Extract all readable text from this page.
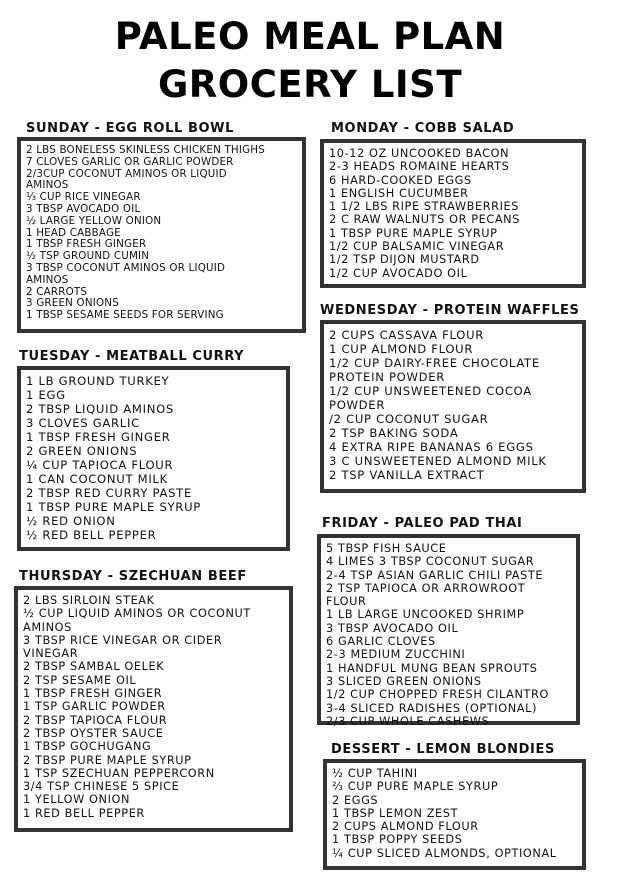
PALEO MEAL PLAN
GROCERY LIST
SUNDAY - EGG ROLL BOWL
2 LBS BONELESS SKINLESS CHICKEN THIGHS
7 CLOVES GARLIC OR GARLIC POWDER
2/3CUP COCONUT AMINOS OR LIQUID
AMINOS
⅓ CUP RICE VINEGAR
3 TBSP AVOCADO OIL
½ LARGE YELLOW ONION
1 HEAD CABBAGE
1 TBSP FRESH GINGER
½ TSP GROUND CUMIN
3 TBSP COCONUT AMINOS OR LIQUID
AMINOS
2 CARROTS
3 GREEN ONIONS
1 TBSP SESAME SEEDS FOR SERVING
MONDAY - COBB SALAD
10-12 OZ UNCOOKED BACON
2-3 HEADS ROMAINE HEARTS
6 HARD-COOKED EGGS
1 ENGLISH CUCUMBER
1 1/2 LBS RIPE STRAWBERRIES
2 C RAW WALNUTS OR PECANS
1 TBSP PURE MAPLE SYRUP
1/2 CUP BALSAMIC VINEGAR
1/2 TSP DIJON MUSTARD
1/2 CUP AVOCADO OIL
WEDNESDAY - PROTEIN WAFFLES
2 CUPS CASSAVA FLOUR
1 CUP ALMOND FLOUR
1/2 CUP DAIRY-FREE CHOCOLATE
PROTEIN POWDER
1/2 CUP UNSWEETENED COCOA
POWDER
/2 CUP COCONUT SUGAR
2 TSP BAKING SODA
4 EXTRA RIPE BANANAS 6 EGGS
3 C UNSWEETENED ALMOND MILK
2 TSP VANILLA EXTRACT
TUESDAY - MEATBALL CURRY
1 LB GROUND TURKEY
1 EGG
2 TBSP LIQUID AMINOS
3 CLOVES GARLIC
1 TBSP FRESH GINGER
2 GREEN ONIONS
¼ CUP TAPIOCA FLOUR
1 CAN COCONUT MILK
2 TBSP RED CURRY PASTE
1 TBSP PURE MAPLE SYRUP
½ RED ONION
½ RED BELL PEPPER
FRIDAY - PALEO PAD THAI
5 TBSP FISH SAUCE
4 LIMES 3 TBSP COCONUT SUGAR
2-4 TSP ASIAN GARLIC CHILI PASTE
2 TSP TAPIOCA OR ARROWROOT
FLOUR
1 LB LARGE UNCOOKED SHRIMP
3 TBSP AVOCADO OIL
6 GARLIC CLOVES
2-3 MEDIUM ZUCCHINI
1 HANDFUL MUNG BEAN SPROUTS
3 SLICED GREEN ONIONS
1/2 CUP CHOPPED FRESH CILANTRO
3-4 SLICED RADISHES (OPTIONAL)
2/3 CUP WHOLE CASHEWS
THURSDAY - SZECHUAN BEEF
2 LBS SIRLOIN STEAK
½ CUP LIQUID AMINOS OR COCONUT
AMINOS
3 TBSP RICE VINEGAR OR CIDER
VINEGAR
2 TBSP SAMBAL OELEK
2 TSP SESAME OIL
1 TBSP FRESH GINGER
1 TSP GARLIC POWDER
2 TBSP TAPIOCA FLOUR
2 TBSP OYSTER SAUCE
1 TBSP GOCHUGANG
2 TBSP PURE MAPLE SYRUP
1 TSP SZECHUAN PEPPERCORN
3/4 TSP CHINESE 5 SPICE
1 YELLOW ONION
1 RED BELL PEPPER
DESSERT - LEMON BLONDIES
½ CUP TAHINI
⅔ CUP PURE MAPLE SYRUP
2 EGGS
1 TBSP LEMON ZEST
2 CUPS ALMOND FLOUR
1 TBSP POPPY SEEDS
¼ CUP SLICED ALMONDS, OPTIONAL
